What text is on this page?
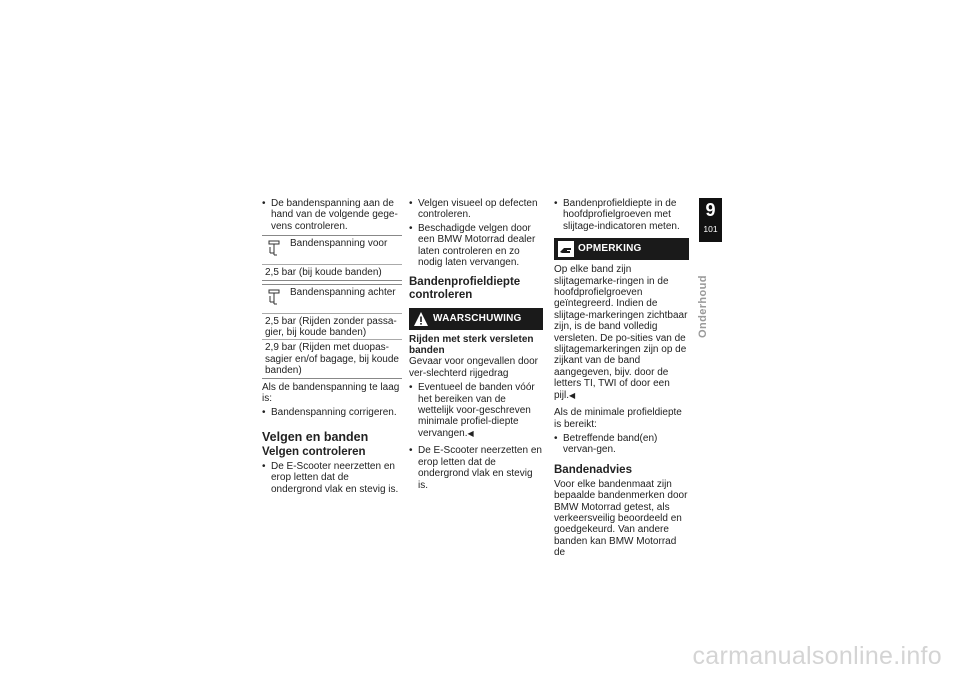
• De bandenspanning aan de hand van de volgende gege-vens controleren.
Bandenspanning voor
2,5 bar (bij koude banden)
Bandenspanning achter
2,5 bar (Rijden zonder passa-gier, bij koude banden)
2,9 bar (Rijden met duopas-sagier en/of bagage, bij koude banden)

Als de bandenspanning te laag is:

• Bandenspanning corrigeren.
Velgen en banden
Velgen controleren
• De E-Scooter neerzetten en erop letten dat de ondergrond vlak en stevig is.
• Velgen visueel op defecten controleren.
• Beschadigde velgen door een BMW Motorrad dealer laten controleren en zo nodig laten vervangen.
Bandenprofieldiepte controleren
WAARSCHUWING
Rijden met sterk versleten banden

Gevaar voor ongevallen door ver-slechterd rijgedrag

• Eventueel de banden vóór het bereiken van de wettelijk voor-geschreven minimale profiel-diepte vervangen.◀
• De E-Scooter neerzetten en erop letten dat de ondergrond vlak en stevig is.
• Bandenprofieldiepte in de hoofdprofielgroeven met slijtage-indicatoren meten.
OPMERKING

Op elke band zijn slijtagemarke-ringen in de hoofdprofielgroeven geïntegreerd. Indien de slijtage-markeringen zichtbaar zijn, is de band volledig versleten. De po-sities van de slijtagemarkeringen zijn op de zijkant van de band aangegeven, bijv. door de letters TI, TWI of door een pijl.◀

Als de minimale profieldiepte is bereikt:

• Betreffende band(en) vervan-gen.
Bandenadvies

Voor elke bandenmaat zijn bepaalde bandenmerken door BMW Motorrad getest, als verkeersveilig beoordeeld en goedgekeurd. Van andere banden kan BMW Motorrad de

9
101
Onderhoud
carmanualsonline.info
